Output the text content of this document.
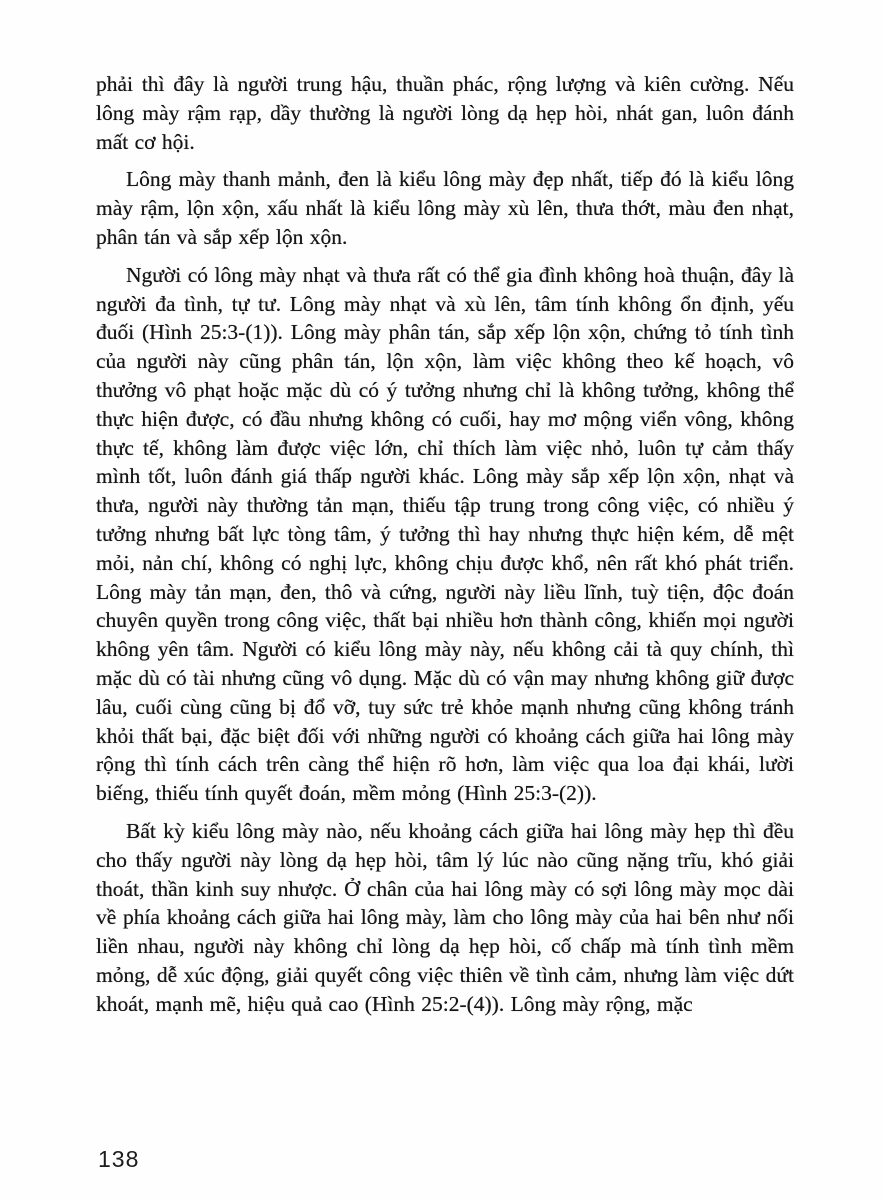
phải thì đây là người trung hậu, thuần phác, rộng lượng và kiên cường. Nếu lông mày rậm rạp, dầy thường là người lòng dạ hẹp hòi, nhát gan, luôn đánh mất cơ hội.

Lông mày thanh mảnh, đen là kiểu lông mày đẹp nhất, tiếp đó là kiểu lông mày rậm, lộn xộn, xấu nhất là kiểu lông mày xù lên, thưa thớt, màu đen nhạt, phân tán và sắp xếp lộn xộn.

Người có lông mày nhạt và thưa rất có thể gia đình không hoà thuận, đây là người đa tình, tự tư. Lông mày nhạt và xù lên, tâm tính không ổn định, yếu đuối (Hình 25:3-(1)). Lông mày phân tán, sắp xếp lộn xộn, chứng tỏ tính tình của người này cũng phân tán, lộn xộn, làm việc không theo kế hoạch, vô thưởng vô phạt hoặc mặc dù có ý tưởng nhưng chỉ là không tưởng, không thể thực hiện được, có đầu nhưng không có cuối, hay mơ mộng viển vông, không thực tế, không làm được việc lớn, chỉ thích làm việc nhỏ, luôn tự cảm thấy mình tốt, luôn đánh giá thấp người khác. Lông mày sắp xếp lộn xộn, nhạt và thưa, người này thường tản mạn, thiếu tập trung trong công việc, có nhiều ý tưởng nhưng bất lực tòng tâm, ý tưởng thì hay nhưng thực hiện kém, dễ mệt mỏi, nản chí, không có nghị lực, không chịu được khổ, nên rất khó phát triển. Lông mày tản mạn, đen, thô và cứng, người này liều lĩnh, tuỳ tiện, độc đoán chuyên quyền trong công việc, thất bại nhiều hơn thành công, khiến mọi người không yên tâm. Người có kiểu lông mày này, nếu không cải tà quy chính, thì mặc dù có tài nhưng cũng vô dụng. Mặc dù có vận may nhưng không giữ được lâu, cuối cùng cũng bị đổ vỡ, tuy sức trẻ khỏe mạnh nhưng cũng không tránh khỏi thất bại, đặc biệt đối với những người có khoảng cách giữa hai lông mày rộng thì tính cách trên càng thể hiện rõ hơn, làm việc qua loa đại khái, lười biếng, thiếu tính quyết đoán, mềm mỏng (Hình 25:3-(2)).

Bất kỳ kiểu lông mày nào, nếu khoảng cách giữa hai lông mày hẹp thì đều cho thấy người này lòng dạ hẹp hòi, tâm lý lúc nào cũng nặng trĩu, khó giải thoát, thần kinh suy nhược. Ở chân của hai lông mày có sợi lông mày mọc dài về phía khoảng cách giữa hai lông mày, làm cho lông mày của hai bên như nối liền nhau, người này không chỉ lòng dạ hẹp hòi, cố chấp mà tính tình mềm mỏng, dễ xúc động, giải quyết công việc thiên về tình cảm, nhưng làm việc dứt khoát, mạnh mẽ, hiệu quả cao (Hình 25:2-(4)). Lông mày rộng, mặc

138
